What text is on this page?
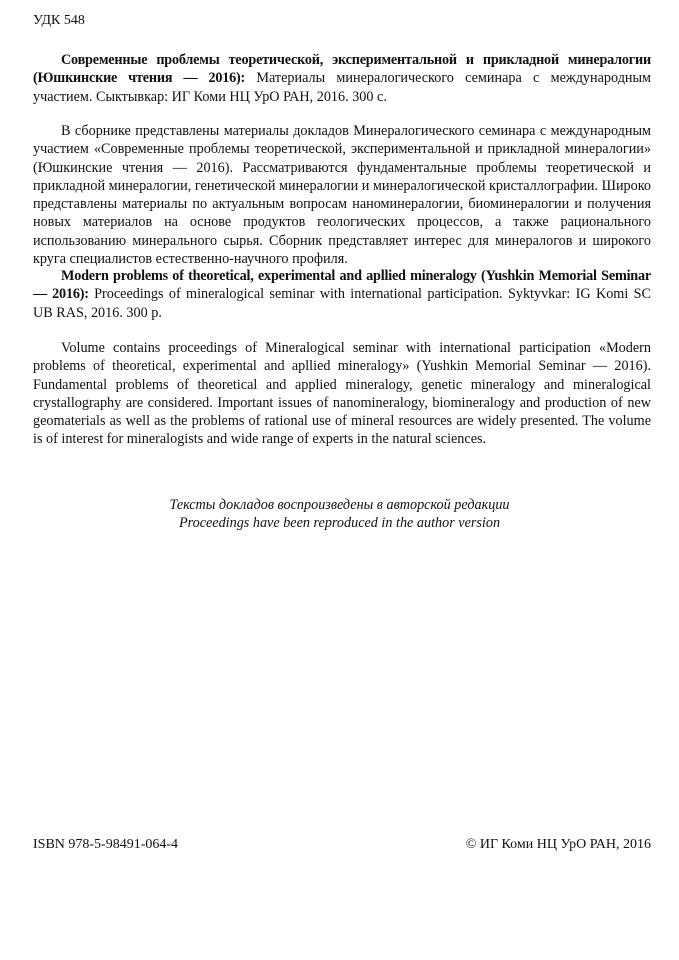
УДК 548

Современные проблемы теоретической, экспериментальной и прикладной минералогии (Юшкинские чтения — 2016): Материалы минералогического семинара с международным участием. Сыктывкар: ИГ Коми НЦ УрО РАН, 2016. 300 с.

В сборнике представлены материалы докладов Минералогического семинара с международным участием «Современные проблемы теоретической, экспериментальной и прикладной минералогии» (Юшкинские чтения — 2016). Рассматриваются фундаментальные проблемы теоретической и прикладной минералогии, генетической минералогии и минералогической кристаллографии. Широко представлены материалы по актуальным вопросам наноминералогии, биоминералогии и получения новых материалов на основе продуктов геологических процессов, а также рационального использованию минерального сырья. Сборник представляет интерес для минералогов и широкого круга специалистов естественно-научного профиля.

Modern problems of theoretical, experimental and apllied mineralogy (Yushkin Memorial Seminar — 2016): Proceedings of mineralogical seminar with international participation. Syktyvkar: IG Komi SC UB RAS, 2016. 300 p.

Volume contains proceedings of Mineralogical seminar with international participation «Modern problems of theoretical, experimental and apllied mineralogy» (Yushkin Memorial Seminar — 2016). Fundamental problems of theoretical and applied mineralogy, genetic mineralogy and mineralogical crystallography are considered. Important issues of nanomineralogy, biomineralogy and production of new geomaterials as well as the problems of rational use of mineral resources are widely presented. The volume is of interest for mineralogists and wide range of experts in the natural sciences.

Тексты докладов воспроизведены в авторской редакции
Proceedings have been reproduced in the author version
ISBN 978-5-98491-064-4	© ИГ Коми НЦ УрО РАН, 2016
